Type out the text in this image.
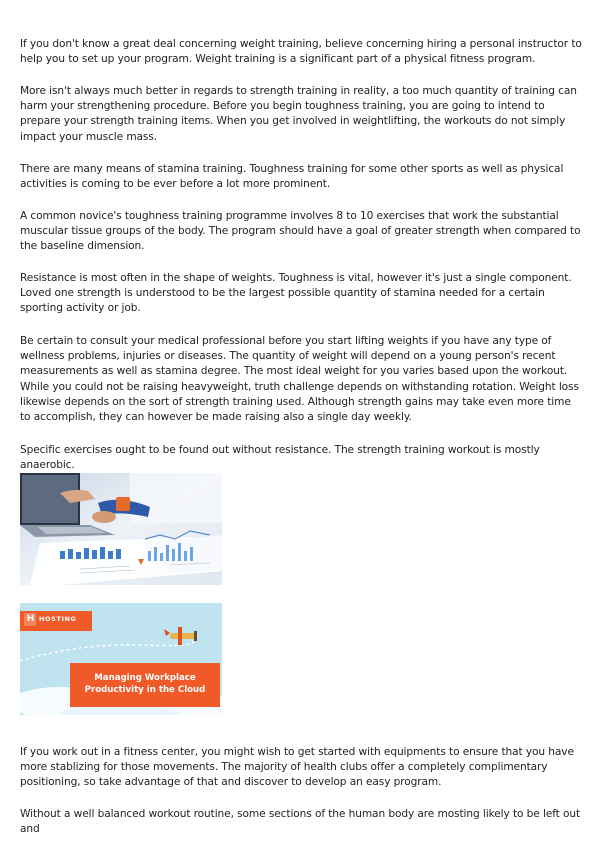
If you don't know a great deal concerning weight training, believe concerning hiring a personal instructor to help you to set up your program. Weight training is a significant part of a physical fitness program.

More isn't always much better in regards to strength training in reality, a too much quantity of training can harm your strengthening procedure. Before you begin toughness training, you are going to intend to prepare your strength training items. When you get involved in weightlifting, the workouts do not simply impact your muscle mass.

There are many means of stamina training. Toughness training for some other sports as well as physical activities is coming to be ever before a lot more prominent.

A common novice's toughness training programme involves 8 to 10 exercises that work the substantial muscular tissue groups of the body. The program should have a goal of greater strength when compared to the baseline dimension.

Resistance is most often in the shape of weights. Toughness is vital, however it's just a single component. Loved one strength is understood to be the largest possible quantity of stamina needed for a certain sporting activity or job.

Be certain to consult your medical professional before you start lifting weights if you have any type of wellness problems, injuries or diseases. The quantity of weight will depend on a young person's recent measurements as well as stamina degree. The most ideal weight for you varies based upon the workout. While you could not be raising heavyweight, truth challenge depends on withstanding rotation. Weight loss likewise depends on the sort of strength training used. Although strength gains may take even more time to accomplish, they can however be made raising also a single day weekly.

Specific exercises ought to be found out without resistance. The strength training workout is mostly anaerobic.

H HOSTING
Managing Workplace
Productivity in the Cloud

If you work out in a fitness center, you might wish to get started with equipments to ensure that you have more stablizing for those movements. The majority of health clubs offer a completely complimentary positioning, so take advantage of that and discover to develop an easy program.

Without a well balanced workout routine, some sections of the human body are mosting likely to be left out and
